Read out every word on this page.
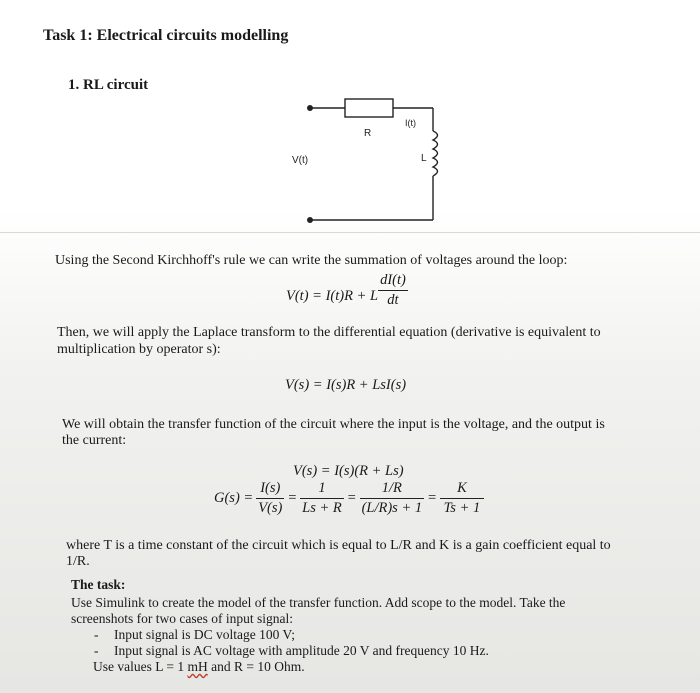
Task 1: Electrical circuits modelling
1. RL circuit
R
I(t)
V(t)	L
Using the Second Kirchhoff's rule we can write the summation of voltages around the loop:
V(t) = I(t)R + L $\frac{dI(t)}{dt}$
Then, we will apply the Laplace transform to the differential equation (derivative is equivalent to
multiplication by operator s):
V(s) = I(s)R + LsI(s)
We will obtain the transfer function of the circuit where the input is the voltage, and the output is
the current:
V(s) = I(s)(R + Ls)
$G(s) = \frac{I(s)}{V(s)} = \frac{1}{Ls + R} = \frac{1/R}{(L/R)s + 1} = \frac{K}{Ts + 1}$
where T is a time constant of the circuit which is equal to L/R and K is a gain coefficient equal to
1/R.
The task:
Use Simulink to create the model of the transfer function. Add scope to the model. Take the
screenshots for two cases of input signal:
- Input signal is DC voltage 100 V;
- Input signal is AC voltage with amplitude 20 V and frequency 10 Hz.
Use values L = 1 mH and R = 10 Ohm.
